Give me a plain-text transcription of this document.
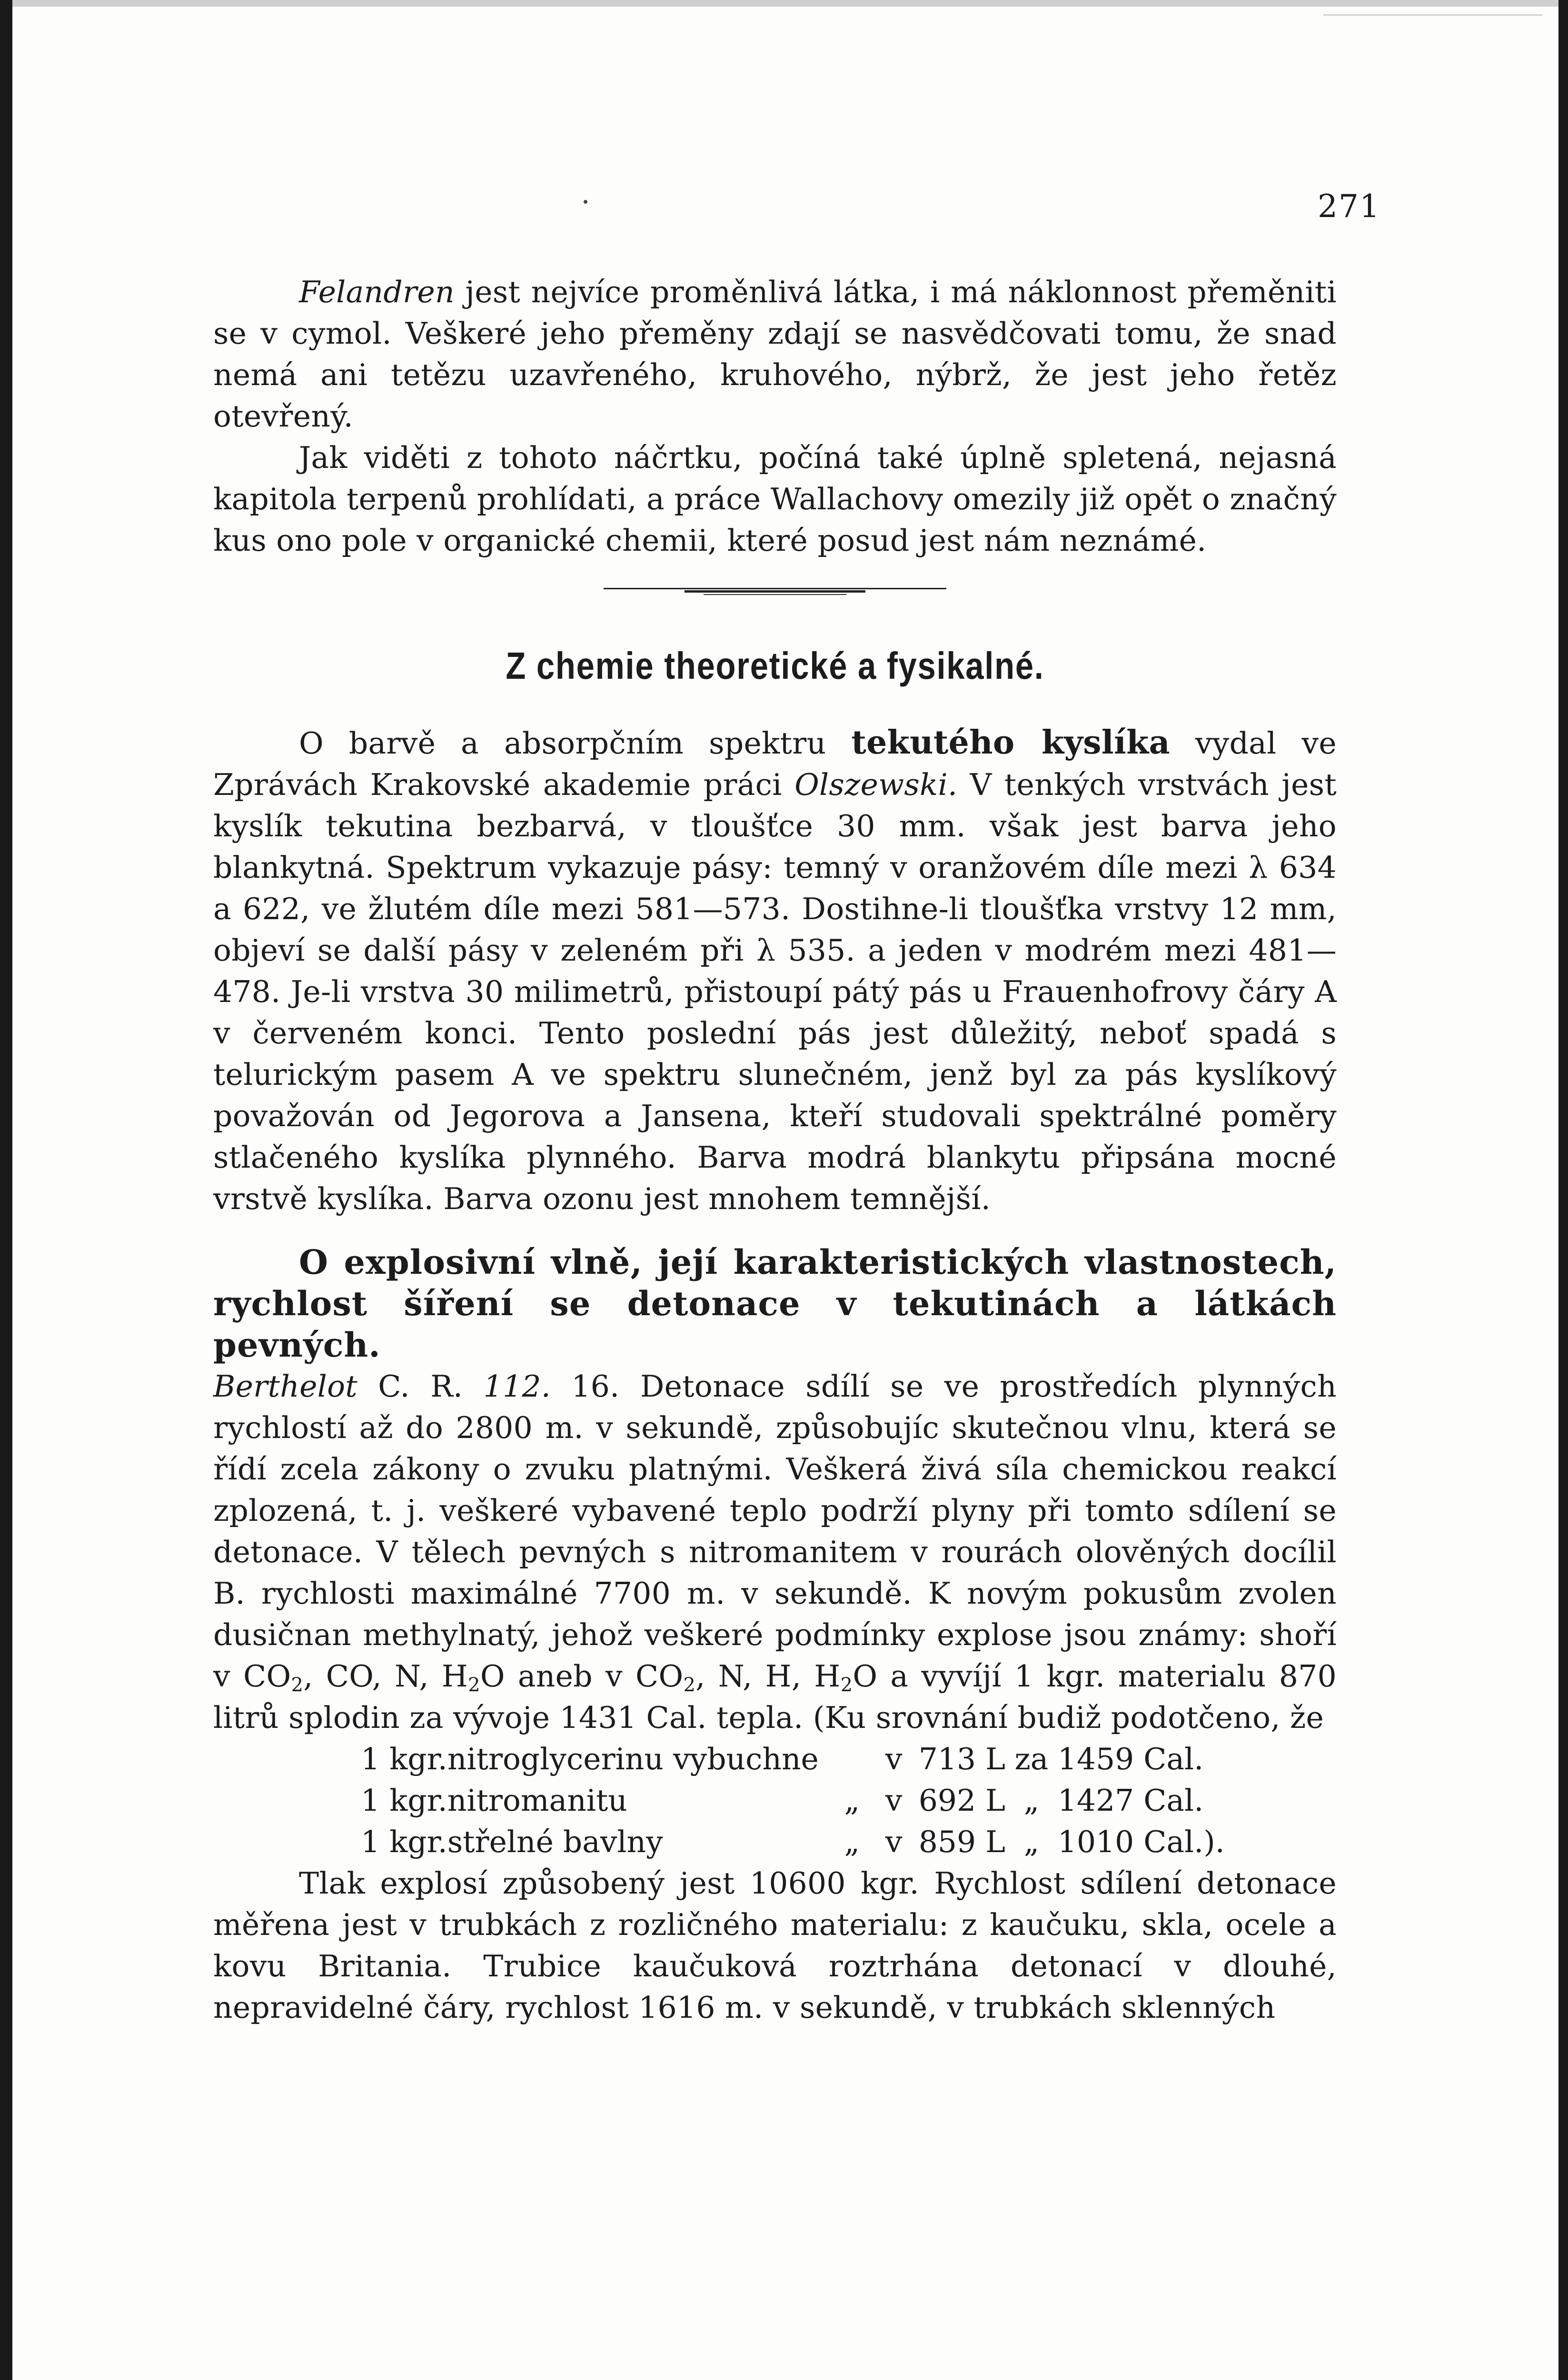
271

Felandren jest nejvíce proměnlivá látka, i má náklonnost přeměniti se v cymol. Veškeré jeho přeměny zdají se nasvědčovati tomu, že snad nemá ani tetězu uzavřeného, kruhového, nýbrž, že jest jeho řetěz otevřený.

Jak viděti z tohoto náčrtku, počíná také úplně spletená, nejasná kapitola terpenů prohlídati, a práce Wallachovy omezily již opět o značný kus ono pole v organické chemii, které posud jest nám neznámé.

Z chemie theoretické a fysikalné.

O barvě a absorpčním spektru tekutého kyslíka vydal ve Zprávách Krakovské akademie práci Olszewski. V tenkých vrstvách jest kyslík tekutina bezbarvá, v tloušťce 30 mm. však jest barva jeho blankytná. Spektrum vykazuje pásy: temný v oranžovém díle mezi λ 634 a 622, ve žlutém díle mezi 581—573. Dostihne-li tloušťka vrstvy 12 mm, objeví se další pásy v zeleném při λ 535. a jeden v modrém mezi 481—478. Je-li vrstva 30 milimetrů, přistoupí pátý pás u Frauenhofrovy čáry A v červeném konci. Tento poslední pás jest důležitý, neboť spadá s telurickým pasem A ve spektru slunečném, jenž byl za pás kyslíkový považován od Jegorova a Jansena, kteří studovali spektrálné poměry stlačeného kyslíka plynného. Barva modrá blankytu připsána mocné vrstvě kyslíka. Barva ozonu jest mnohem temnější.

O explosivní vlně, její karakteristických vlastnostech,
rychlost šíření se detonace v tekutinách a látkách pevných.

Berthelot C. R. 112. 16. Detonace sdílí se ve prostředích plynných rychlostí až do 2800 m. v sekundě, způsobujíc skutečnou vlnu, která se řídí zcela zákony o zvuku platnými. Veškerá živá síla chemickou reakcí zplozená, t. j. veškeré vybavené teplo podrží plyny při tomto sdílení se detonace. V tělech pevných s nitromanitem v rourách olověných docílil B. rychlosti maximálné 7700 m. v sekundě. K novým pokusům zvolen dusičnan methylnatý, jehož veškeré podmínky explose jsou známy: shoří v $CO_2$, CO, N, $H_2O$ aneb v $CO_2$, N, H, $H_2O$ a vyvíjí 1 kgr. materialu 870 litrů splodin za vývoje 1431 Cal. tepla. (Ku srovnání budiž podotčeno, že

1 kgr.	nitroglycerinu vybuchne		v	713 L	za	1459 Cal.
1 kgr.	nitromanitu	„	v	692 L	„	1427 Cal.
1 kgr.	střelné bavlny	„	v	859 L	„	1010 Cal.).

Tlak explosí způsobený jest 10600 kgr. Rychlost sdílení detonace měřena jest v trubkách z rozličného materialu: z kaučuku, skla, ocele a kovu Britania. Trubice kaučuková roztrhána detonací v dlouhé, nepravidelné čáry, rychlost 1616 m. v sekundě, v trubkách sklenných
